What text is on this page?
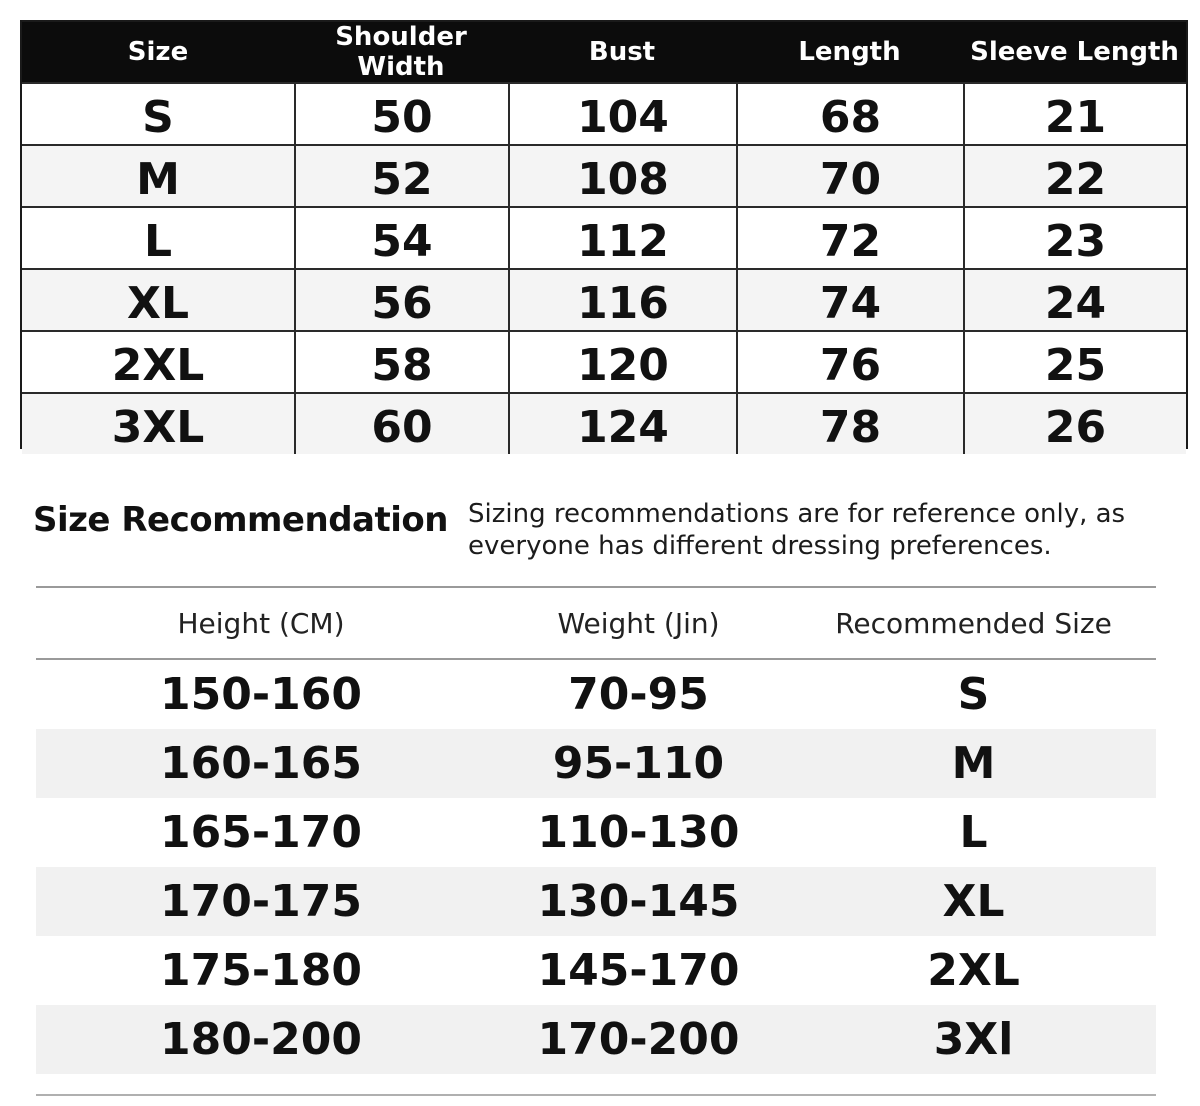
Size	Shoulder Width	Bust	Length	Sleeve Length
S	50	104	68	21
M	52	108	70	22
L	54	112	72	23
XL	56	116	74	24
2XL	58	120	76	25
3XL	60	124	78	26
Size Recommendation Sizing recommendations are for reference only, as everyone has different dressing preferences.
Height (CM)	Weight (Jin)	Recommended Size
150-160	70-95	S
160-165	95-110	M
165-170	110-130	L
170-175	130-145	XL
175-180	145-170	2XL
180-200	170-200	3Xl
